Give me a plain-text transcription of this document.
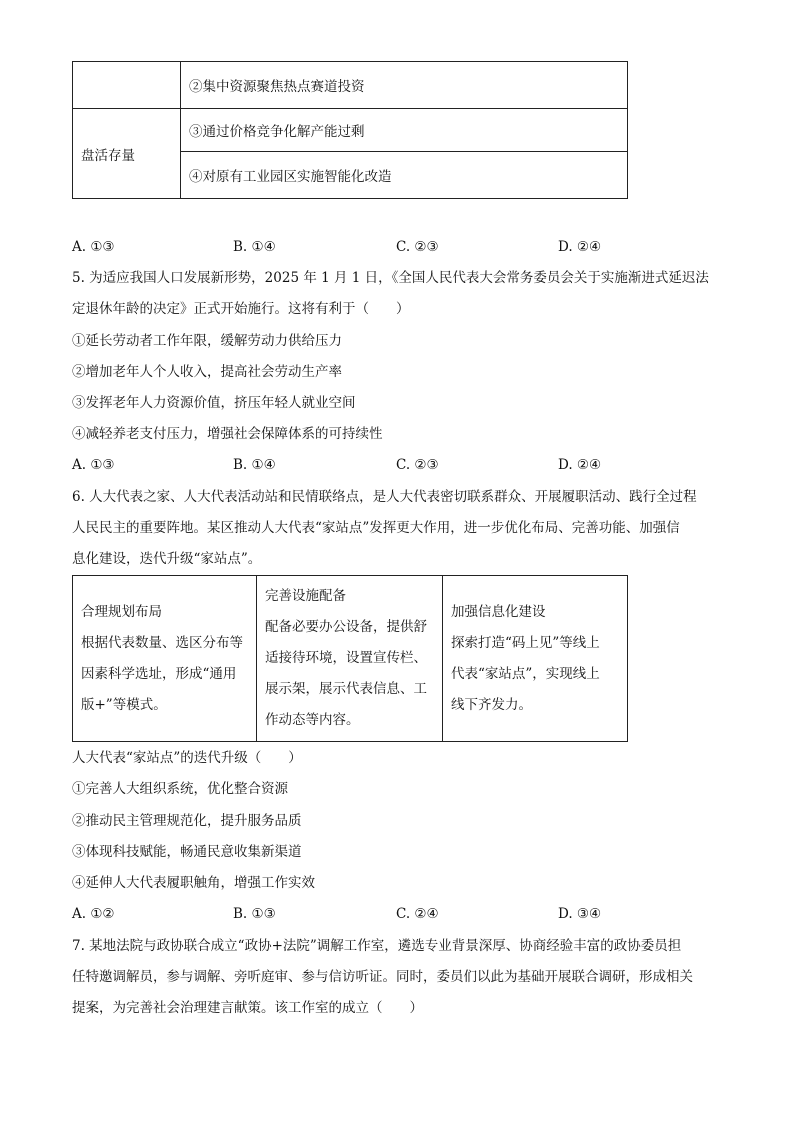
	②集中资源聚焦热点赛道投资
盘活存量	③通过价格竞争化解产能过剩
	④对原有工业园区实施智能化改造
A. ①③	B. ①④	C. ②③	D. ②④
5. 为适应我国人口发展新形势，2025 年 1 月 1 日，《全国人民代表大会常务委员会关于实施渐进式延迟法
定退休年龄的决定》正式开始施行。这将有利于（　　）
①延长劳动者工作年限，缓解劳动力供给压力
②增加老年人个人收入，提高社会劳动生产率
③发挥老年人力资源价值，挤压年轻人就业空间
④减轻养老支付压力，增强社会保障体系的可持续性
A. ①③	B. ①④	C. ②③	D. ②④
6. 人大代表之家、人大代表活动站和民情联络点，是人大代表密切联系群众、开展履职活动、践行全过程
人民民主的重要阵地。某区推动人大代表“家站点”发挥更大作用，进一步优化布局、完善功能、加强信
息化建设，迭代升级“家站点”。
合理规划布局
根据代表数量、选区分布等
因素科学选址，形成“通用
版+”等模式。

完善设施配备
配备必要办公设备，提供舒
适接待环境，设置宣传栏、
展示架，展示代表信息、工
作动态等内容。

加强信息化建设
探索打造“码上见”等线上
代表“家站点”，实现线上
线下齐发力。
人大代表“家站点”的迭代升级（　　）
①完善人大组织系统，优化整合资源
②推动民主管理规范化，提升服务品质
③体现科技赋能，畅通民意收集新渠道
④延伸人大代表履职触角，增强工作实效
A. ①②	B. ①③	C. ②④	D. ③④
7. 某地法院与政协联合成立“政协+法院”调解工作室，遴选专业背景深厚、协商经验丰富的政协委员担
任特邀调解员，参与调解、旁听庭审、参与信访听证。同时，委员们以此为基础开展联合调研，形成相关
提案，为完善社会治理建言献策。该工作室的成立（　　）
